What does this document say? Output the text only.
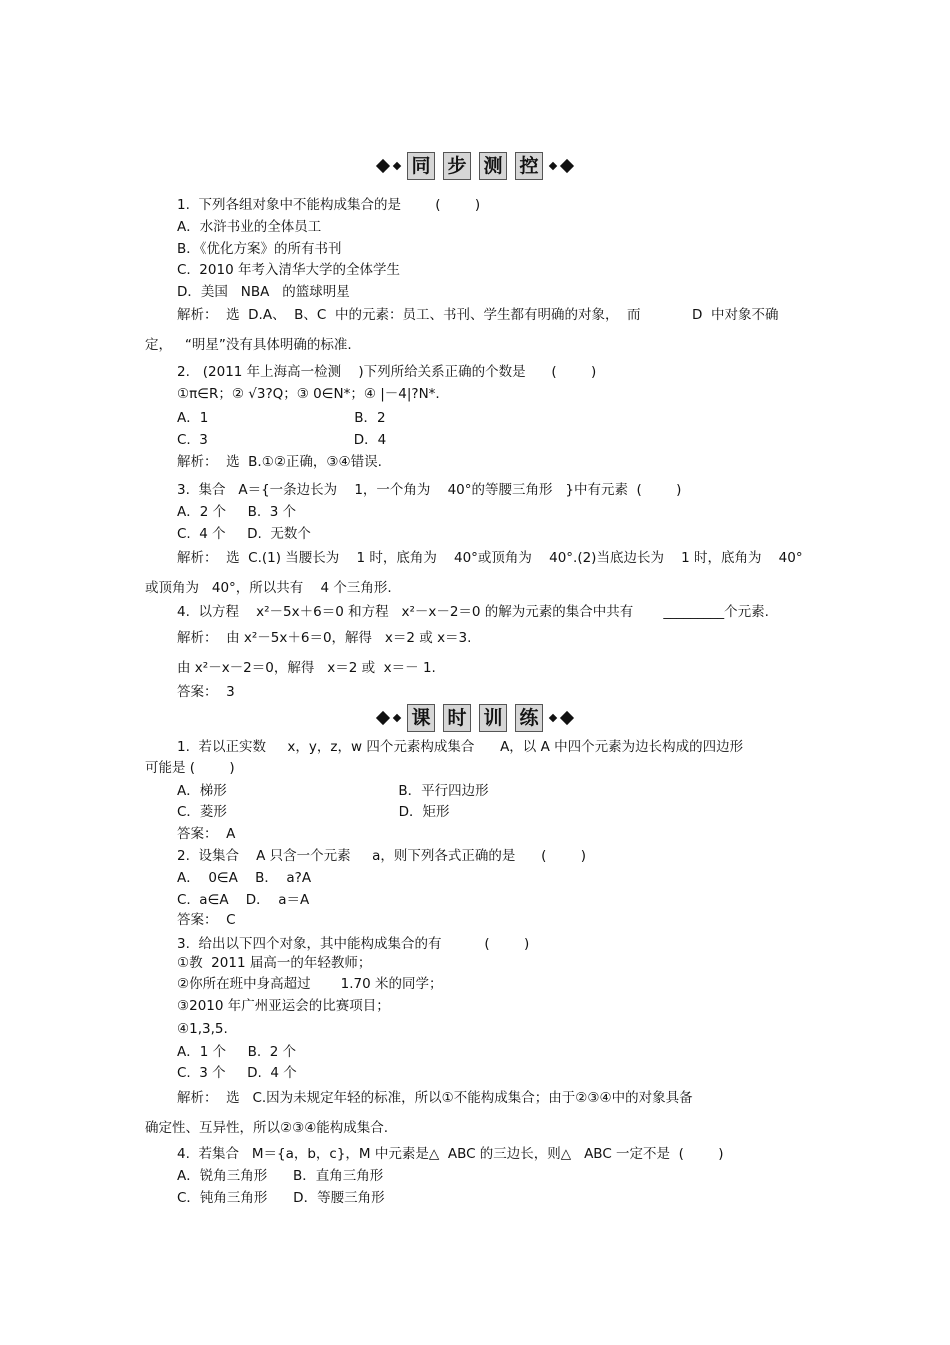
同 步 测 控
1.  下列各组对象中不能构成集合的是        (        )
A．水浒书业的全体员工
B．《优化方案》的所有书刊
C.  2010 年考入清华大学的全体学生
D．美国   NBA   的篮球明星
解析：  选  D.A、  B、C  中的元素：员工、书刊、学生都有明确的对象，  而            D  中对象不确
定，   “明星”没有具体明确的标准.
2.   (2011 年上海高一检测    )下列所给关系正确的个数是      (        )
①π∈R；② √3?Q；③ 0∈N*；④ |－4|?N*.
A．1                                  B．2
C.  3                                  D．4
解析：  选  B.①②正确，③④错误.
3.  集合   A＝{一条边长为    1，一个角为    40°的等腰三角形   }中有元素  (        )
A．2 个     B.  3 个
C.  4 个     D.  无数个
解析：  选  C.(1) 当腰长为    1 时，底角为    40°或顶角为    40°.(2)当底边长为    1 时，底角为    40°
或顶角为   40°，所以共有    4 个三角形.
4.  以方程    x²－5x＋6＝0 和方程   x²－x－2＝0 的解为元素的集合中共有       _________个元素.
解析：  由 x²－5x＋6＝0，解得   x＝2 或 x＝3.
由 x²－x－2＝0，解得   x＝2 或  x＝－ 1.
答案：  3
课 时 训 练
1.  若以正实数     x，y，z，w 四个元素构成集合      A，以 A 中四个元素为边长构成的四边形
可能是 (        )
A．梯形                                        B．平行四边形
C．菱形                                        D．矩形
答案：  A
2.  设集合    A 只含一个元素     a，则下列各式正确的是      (        )
A．  0∈A    B．  a?A
C.  a∈A    D．  a＝A
答案：  C
3.  给出以下四个对象，其中能构成集合的有          (        )
①教  2011 届高一的年轻教师；
②你所在班中身高超过       1.70 米的同学；
③2010 年广州亚运会的比赛项目；
④1,3,5.
A．1 个     B.  2 个
C.  3 个     D.  4 个
解析：  选   C.因为未规定年轻的标准，所以①不能构成集合；由于②③④中的对象具备
确定性、互异性，所以②③④能构成集合.
4.  若集合   M＝{a，b，c}，M 中元素是△  ABC 的三边长，则△   ABC 一定不是  (        )
A．锐角三角形      B．直角三角形
C．钝角三角形      D．等腰三角形
